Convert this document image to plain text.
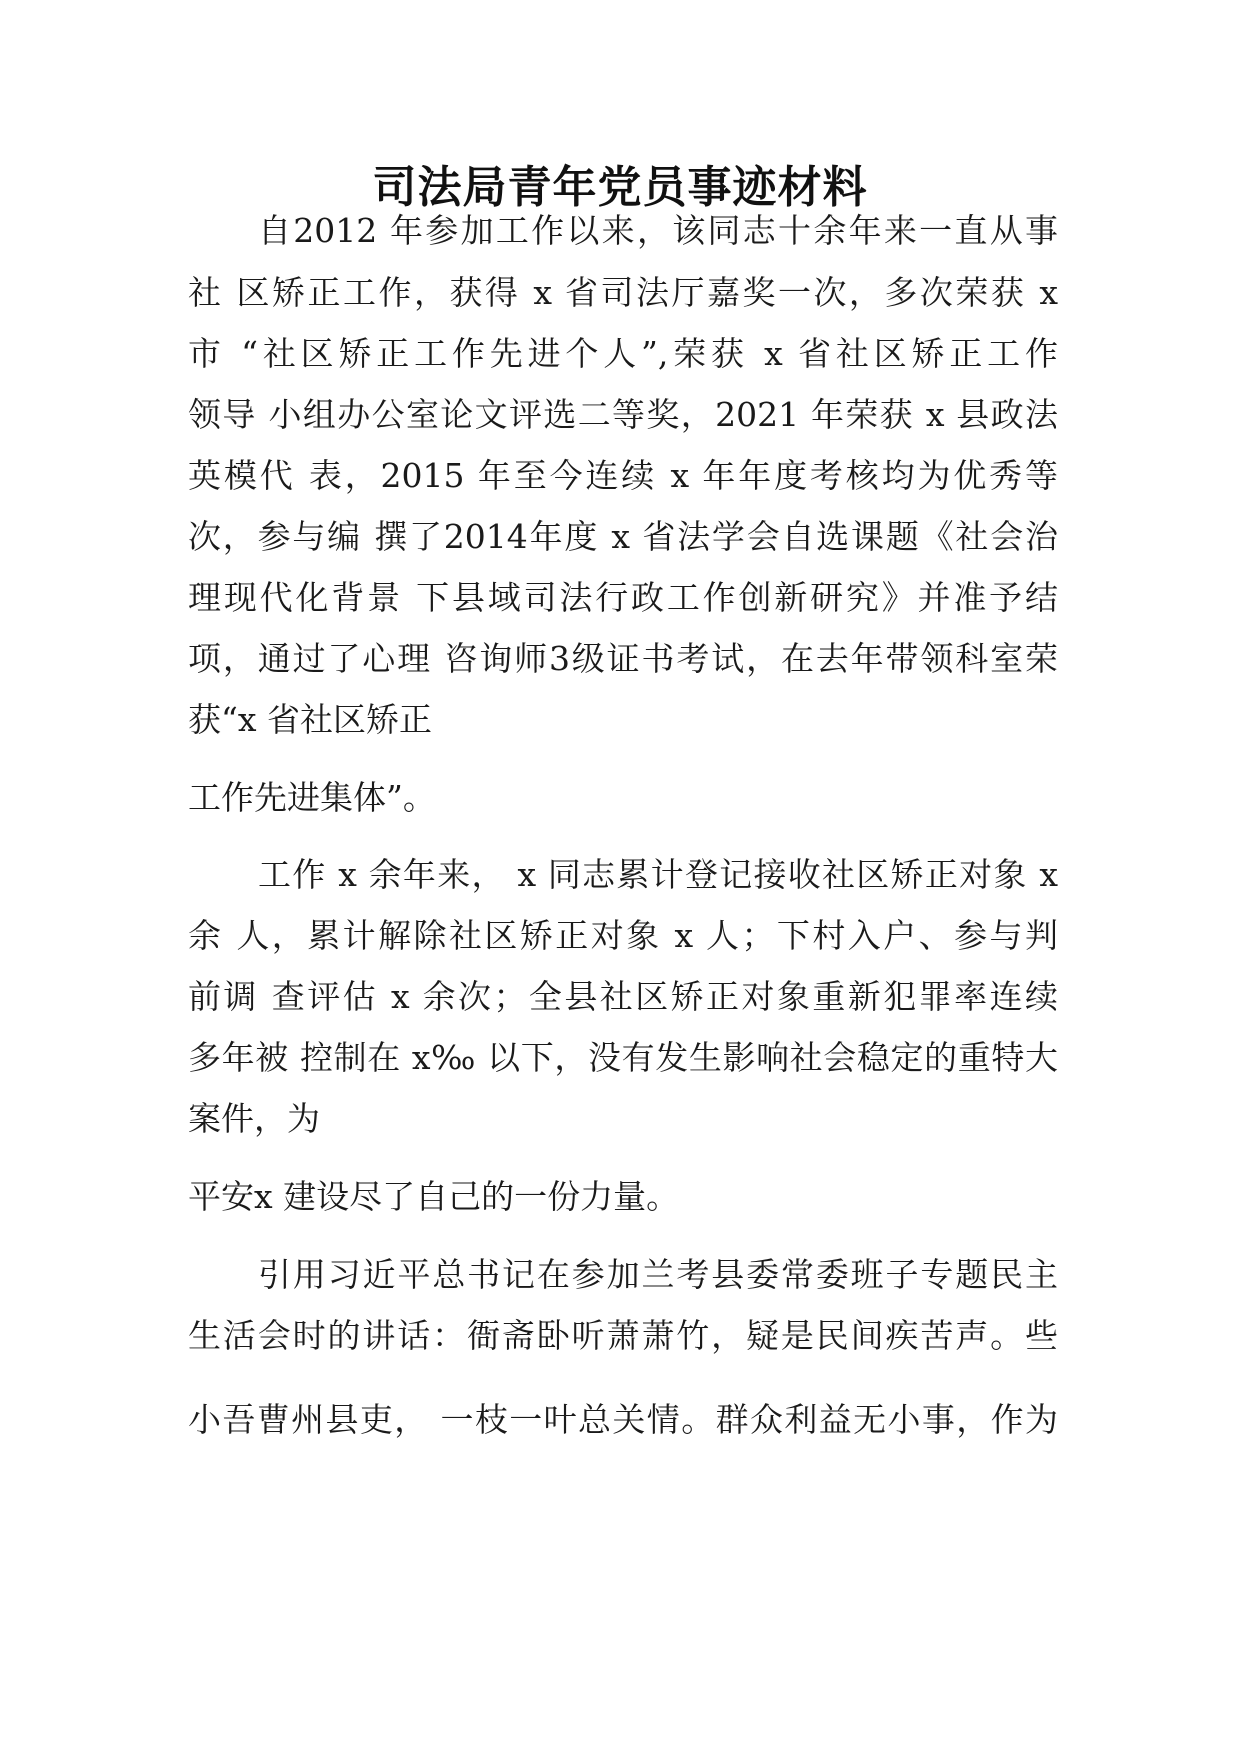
司法局青年党员事迹材料
自2012 年参加工作以来，该同志十余年来一直从事
社 区矫正工作，获得 x 省司法厅嘉奖一次，多次荣获 x
市 “社区矫正工作先进个人”,荣获 x 省社区矫正工作
领导 小组办公室论文评选二等奖，2021 年荣获 x 县政法
英模代 表，2015 年至今连续 x 年年度考核均为优秀等
次，参与编 撰了2014年度 x 省法学会自选课题《社会治
理现代化背景 下县域司法行政工作创新研究》并准予结
项，通过了心理 咨询师3级证书考试，在去年带领科室荣
获“x 省社区矫正
工作先进集体”。
工作 x 余年来， x 同志累计登记接收社区矫正对象 x
余 人，累计解除社区矫正对象 x 人；下村入户、参与判
前调 查评估 x 余次；全县社区矫正对象重新犯罪率连续
多年被 控制在 x‰ 以下，没有发生影响社会稳定的重特大
案件，为
平安x 建设尽了自己的一份力量。
引用习近平总书记在参加兰考县委常委班子专题民主
生活会时的讲话：衙斋卧听萧萧竹，疑是民间疾苦声。些
小吾曹州县吏， 一枝一叶总关情。群众利益无小事，作为
